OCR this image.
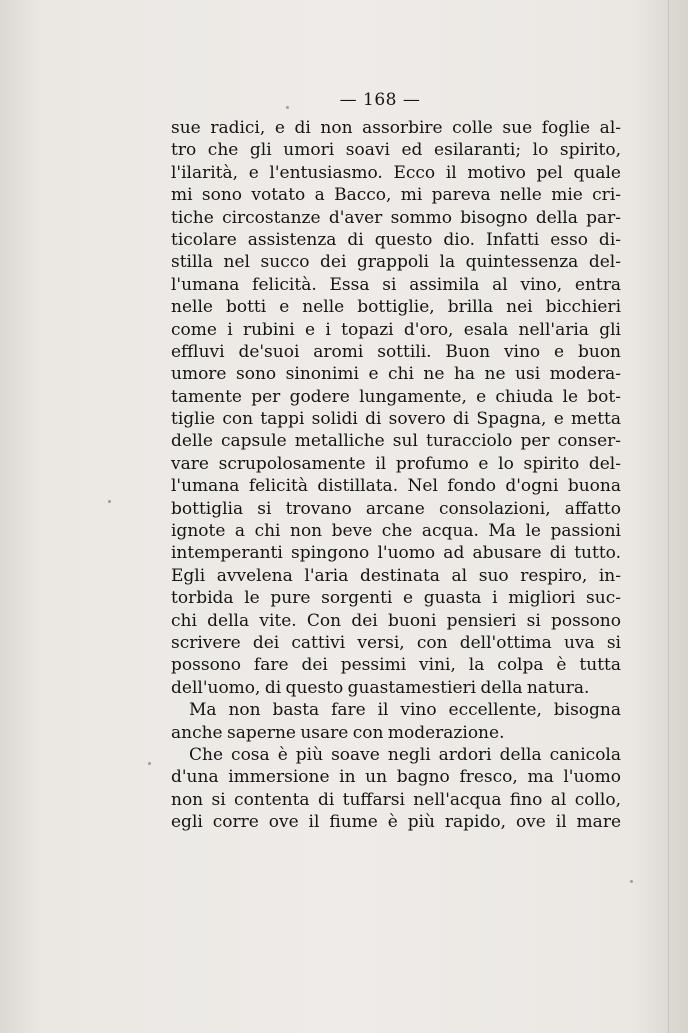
— 168 —
sue radici, e di non assorbire colle sue foglie al-
tro che gli umori soavi ed esilaranti; lo spirito,
l'ilarità, e l'entusiasmo. Ecco il motivo pel quale
mi sono votato a Bacco, mi pareva nelle mie cri-
tiche circostanze d'aver sommo bisogno della par-
ticolare assistenza di questo dio. Infatti esso di-
stilla nel succo dei grappoli la quintessenza del-
l'umana felicità. Essa si assimila al vino, entra
nelle botti e nelle bottiglie, brilla nei bicchieri
come i rubini e i topazi d'oro, esala nell'aria gli
effluvi de'suoi aromi sottili. Buon vino e buon
umore sono sinonimi e chi ne ha ne usi modera-
tamente per godere lungamente, e chiuda le bot-
tiglie con tappi solidi di sovero di Spagna, e metta
delle capsule metalliche sul turacciolo per conser-
vare scrupolosamente il profumo e lo spirito del-
l'umana felicità distillata. Nel fondo d'ogni buona
bottiglia si trovano arcane consolazioni, affatto
ignote a chi non beve che acqua. Ma le passioni
intemperanti spingono l'uomo ad abusare di tutto.
Egli avvelena l'aria destinata al suo respiro, in-
torbida le pure sorgenti e guasta i migliori suc-
chi della vite. Con dei buoni pensieri si possono
scrivere dei cattivi versi, con dell'ottima uva si
possono fare dei pessimi vini, la colpa è tutta
dell'uomo, di questo guastamestieri della natura.
Ma non basta fare il vino eccellente, bisogna
anche saperne usare con moderazione.
Che cosa è più soave negli ardori della canicola
d'una immersione in un bagno fresco, ma l'uomo
non si contenta di tuffarsi nell'acqua fino al collo,
egli corre ove il fiume è più rapido, ove il mare
